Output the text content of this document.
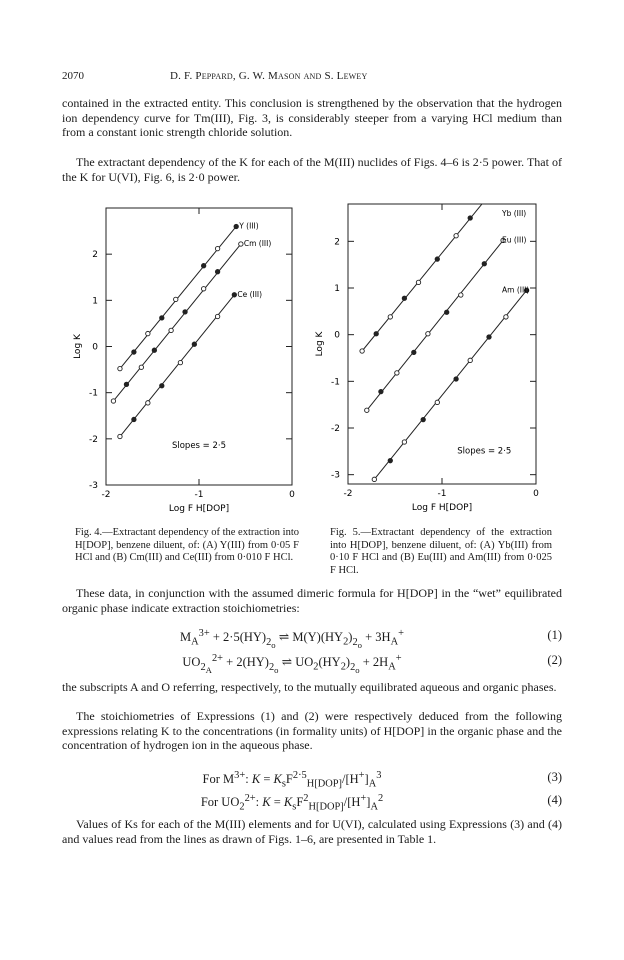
2070	D. F. Peppard, G. W. Mason and S. Lewey

contained in the extracted entity. This conclusion is strengthened by the observation that the hydrogen ion dependency curve for Tm(III), Fig. 3, is considerably steeper from a varying HCl medium than from a constant ionic strength chloride solution.

The extractant dependency of the K for each of the M(III) nuclides of Figs. 4–6 is 2·5 power. That of the K for U(VI), Fig. 6, is 2·0 power.

-2	-1	0
2
1
0
-1
-2
-3
Log F H[DOP]
Log K
Y (III)
Cm (III)
Ce (III)
Slopes = 2·5
-2	-1	0
2
1
0
-1
-2
-3
Log F H[DOP]
Log K
Yb (III)
Eu (III)
Am (III)
Slopes = 2·5

Fig. 4.—Extractant dependency of the extraction into H[DOP], benzene diluent, of: (A) Y(III) from 0·05 F HCl and (B) Cm(III) and Ce(III) from 0·010 F HCl.

Fig. 5.—Extractant dependency of the extraction into H[DOP], benzene diluent, of: (A) Yb(III) from 0·10 F HCl and (B) Eu(III) and Am(III) from 0·025 F HCl.

These data, in conjunction with the assumed dimeric formula for H[DOP] in the “wet” equilibrated organic phase indicate extraction stoichiometries:

$M_A^{3+} + 2\cdot 5(HY)_{2_o}$ ⇌ $M(Y)(HY_2)_{2_o} + 3H_A^+$	(1)
$UO_{2_A}^{2+} + 2(HY)_{2_o}$ ⇌ $UO_2(HY_2)_{2_o} + 2H_A^+$	(2)

the subscripts A and O referring, respectively, to the mutually equilibrated aqueous and organic phases.

The stoichiometries of Expressions (1) and (2) were respectively deduced from the following expressions relating K to the concentrations (in formality units) of H[DOP] in the organic phase and the concentration of hydrogen ion in the aqueous phase.

For $M^{3+}$: $K = K_sF^{2\cdot 5}_{H[DOP]}/[H^+]_A^3$	(3)
For $UO_2^{2+}$: $K = K_sF^2_{H[DOP]}/[H^+]_A^2$	(4)

Values of Ks for each of the M(III) elements and for U(VI), calculated using Expressions (3) and (4) and values read from the lines as drawn of Figs. 1–6, are presented in Table 1.
